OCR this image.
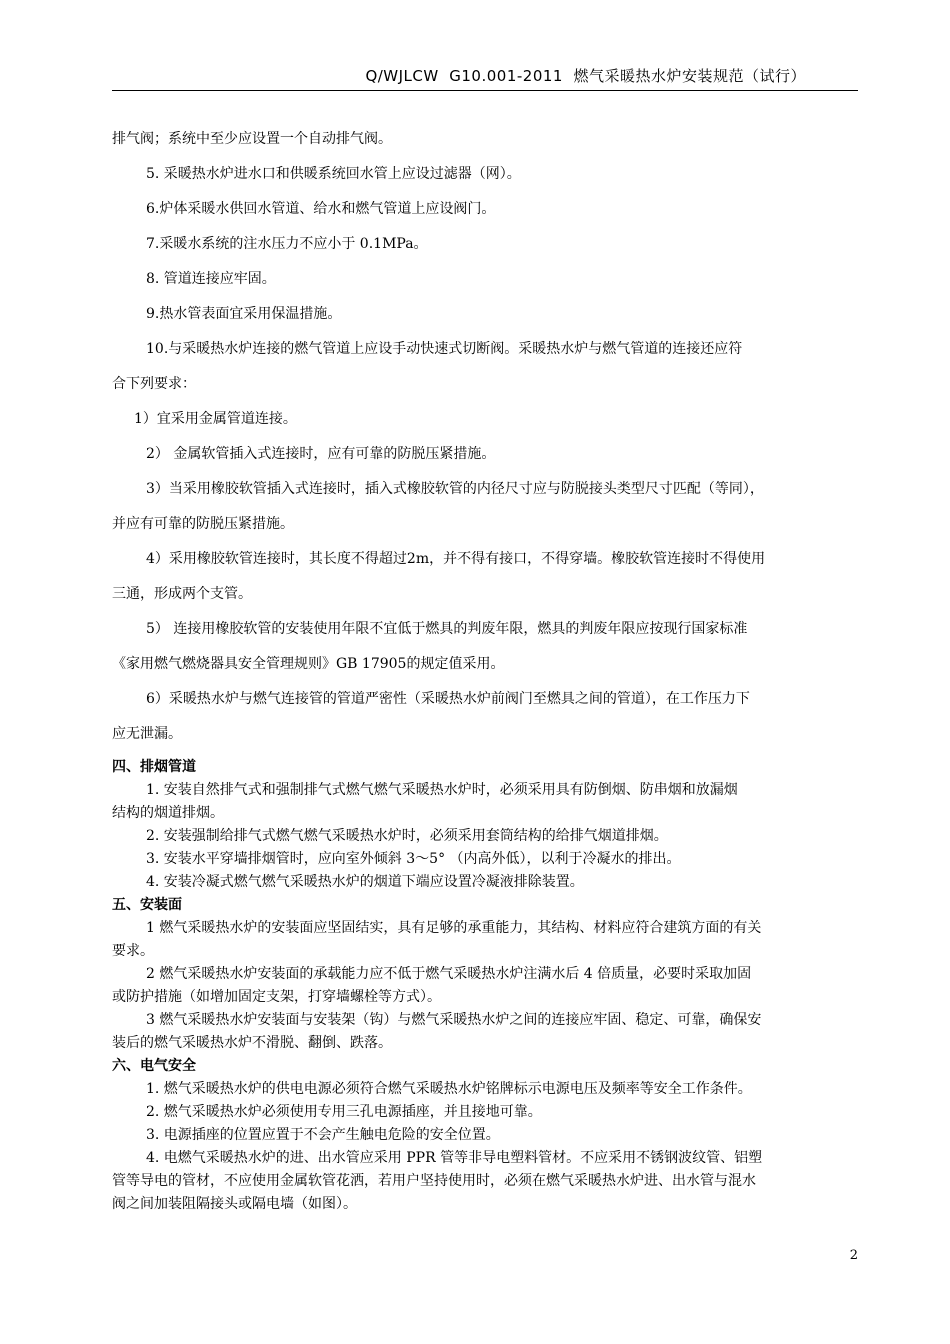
Q/WJLCW  G10.001-2011  燃气采暖热水炉安装规范（试行）
排气阀；系统中至少应设置一个自动排气阀。
5. 采暖热水炉进水口和供暖系统回水管上应设过滤器（网）。
6.炉体采暖水供回水管道、给水和燃气管道上应设阀门。
7.采暖水系统的注水压力不应小于 0.1MPa。
8. 管道连接应牢固。
9.热水管表面宜采用保温措施。
10.与采暖热水炉连接的燃气管道上应设手动快速式切断阀。采暖热水炉与燃气管道的连接还应符
合下列要求：
1）宜采用金属管道连接。
2） 金属软管插入式连接时，应有可靠的防脱压紧措施。
3）当采用橡胶软管插入式连接时，插入式橡胶软管的内径尺寸应与防脱接头类型尺寸匹配（等同），
并应有可靠的防脱压紧措施。
4）采用橡胶软管连接时，其长度不得超过2m，并不得有接口，不得穿墙。橡胶软管连接时不得使用
三通，形成两个支管。
5） 连接用橡胶软管的安装使用年限不宜低于燃具的判废年限，燃具的判废年限应按现行国家标准
《家用燃气燃烧器具安全管理规则》GB 17905的规定值采用。
6）采暖热水炉与燃气连接管的管道严密性（采暖热水炉前阀门至燃具之间的管道），在工作压力下
应无泄漏。
四、排烟管道
1. 安装自然排气式和强制排气式燃气燃气采暖热水炉时，必须采用具有防倒烟、防串烟和放漏烟
结构的烟道排烟。
2. 安装强制给排气式燃气燃气采暖热水炉时，必须采用套筒结构的给排气烟道排烟。
3. 安装水平穿墙排烟管时，应向室外倾斜 3～5° （内高外低），以利于冷凝水的排出。
4. 安装冷凝式燃气燃气采暖热水炉的烟道下端应设置冷凝液排除装置。
五、安装面
1 燃气采暖热水炉的安装面应坚固结实，具有足够的承重能力，其结构、材料应符合建筑方面的有关
要求。
2 燃气采暖热水炉安装面的承载能力应不低于燃气采暖热水炉注满水后 4 倍质量，必要时采取加固
或防护措施（如增加固定支架，打穿墙螺栓等方式）。
3 燃气采暖热水炉安装面与安装架（钩）与燃气采暖热水炉之间的连接应牢固、稳定、可靠，确保安
装后的燃气采暖热水炉不滑脱、翻倒、跌落。
六、电气安全
1. 燃气采暖热水炉的供电电源必须符合燃气采暖热水炉铭牌标示电源电压及频率等安全工作条件。
2. 燃气采暖热水炉必须使用专用三孔电源插座，并且接地可靠。
3. 电源插座的位置应置于不会产生触电危险的安全位置。
4. 电燃气采暖热水炉的进、出水管应采用 PPR 管等非导电塑料管材。不应采用不锈钢波纹管、铝塑
管等导电的管材，不应使用金属软管花洒，若用户坚持使用时，必须在燃气采暖热水炉进、出水管与混水
阀之间加装阻隔接头或隔电墙（如图）。
2
